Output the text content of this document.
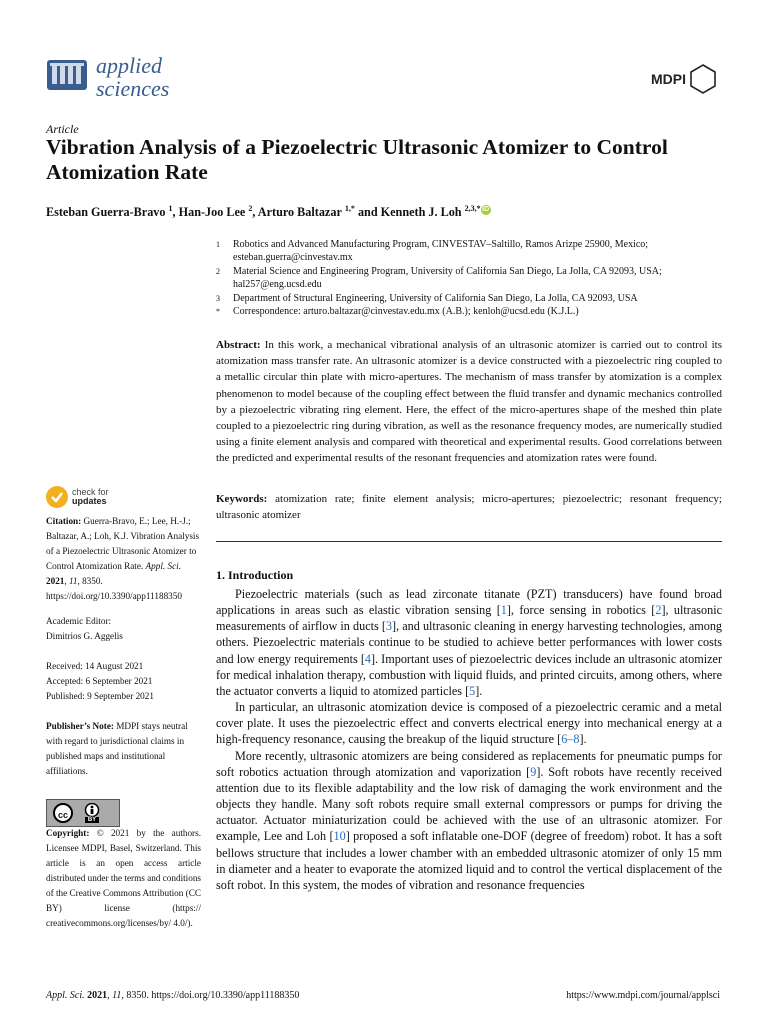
applied
sciences	MDPI
Article
Vibration Analysis of a Piezoelectric Ultrasonic Atomizer to Control Atomization Rate
Esteban Guerra-Bravo $^1$, Han-Joo Lee $^2$, Arturo Baltazar $^{1,*}$ and Kenneth J. Loh $^{2,3,*}$ iD
1	Robotics and Advanced Manufacturing Program, CINVESTAV–Saltillo, Ramos Arizpe 25900, Mexico; esteban.guerra@cinvestav.mx
2	Material Science and Engineering Program, University of California San Diego, La Jolla, CA 92093, USA; hal257@eng.ucsd.edu
3	Department of Structural Engineering, University of California San Diego, La Jolla, CA 92093, USA
*	Correspondence: arturo.baltazar@cinvestav.edu.mx (A.B.); kenloh@ucsd.edu (K.J.L.)
Abstract: In this work, a mechanical vibrational analysis of an ultrasonic atomizer is carried out to control its atomization mass transfer rate. An ultrasonic atomizer is a device constructed with a piezoelectric ring coupled to a metallic circular thin plate with micro-apertures. The mechanism of mass transfer by atomization is a complex phenomenon to model because of the coupling effect between the fluid transfer and dynamic mechanics controlled by a piezoelectric vibrating ring element. Here, the effect of the micro-apertures shape of the meshed thin plate coupled to a piezoelectric ring during vibration, as well as the resonance frequency modes, are numerically studied using a finite element analysis and compared with theoretical and experimental results. Good correlations between the predicted and experimental results of the resonant frequencies and atomization rates were found.
Keywords: atomization rate; finite element analysis; micro-apertures; piezoelectric; resonant frequency; ultrasonic atomizer
1. Introduction

Piezoelectric materials (such as lead zirconate titanate (PZT) transducers) have found broad applications in areas such as elastic vibration sensing [1], force sensing in robotics [2], ultrasonic measurements of airflow in ducts [3], and ultrasonic cleaning in energy harvesting technologies, among others. Piezoelectric materials continue to be studied to achieve better performances with lower costs and low energy requirements [4]. Important uses of piezoelectric devices include an ultrasonic atomizer for medical inhalation therapy, combustion with liquid fluids, and printed circuits, among others, where the actuator converts a liquid to atomized particles [5].

In particular, an ultrasonic atomization device is composed of a piezoelectric ceramic and a metal cover plate. It uses the piezoelectric effect and converts electrical energy into mechanical energy at a high-frequency resonance, causing the breakup of the liquid structure [6–8].

More recently, ultrasonic atomizers are being considered as replacements for pneumatic pumps for soft robotics actuation through atomization and vaporization [9]. Soft robots have recently received attention due to its flexible adaptability and the low risk of damaging the work environment and the objects they handle. Many soft robots require small external compressors or pumps for driving the actuator. Actuator miniaturization could be achieved with the use of an ultrasonic atomizer. For example, Lee and Loh [10] proposed a soft inflatable one-DOF (degree of freedom) robot. It has a soft bellows structure that includes a lower chamber with an embedded ultrasonic atomizer of only 15 mm in diameter and a heater to evaporate the atomized liquid and to control the vertical displacement of the soft robot. In this system, the modes of vibration and resonance frequencies

check for
updates
Citation: Guerra-Bravo, E.; Lee, H.-J.; Baltazar, A.; Loh, K.J. Vibration Analysis of a Piezoelectric Ultrasonic Atomizer to Control Atomization Rate. Appl. Sci. 2021, 11, 8350. https://doi.org/10.3390/app11188350
Academic Editor:
Dimitrios G. Aggelis
Received: 14 August 2021
Accepted: 6 September 2021
Published: 9 September 2021
Publisher’s Note: MDPI stays neutral with regard to jurisdictional claims in published maps and institutional affiliations.
cc	BY
Copyright: © 2021 by the authors. Licensee MDPI, Basel, Switzerland. This article is an open access article distributed under the terms and conditions of the Creative Commons Attribution (CC BY) license (https:// creativecommons.org/licenses/by/ 4.0/).
Appl. Sci. 2021, 11, 8350. https://doi.org/10.3390/app11188350	https://www.mdpi.com/journal/applsci
